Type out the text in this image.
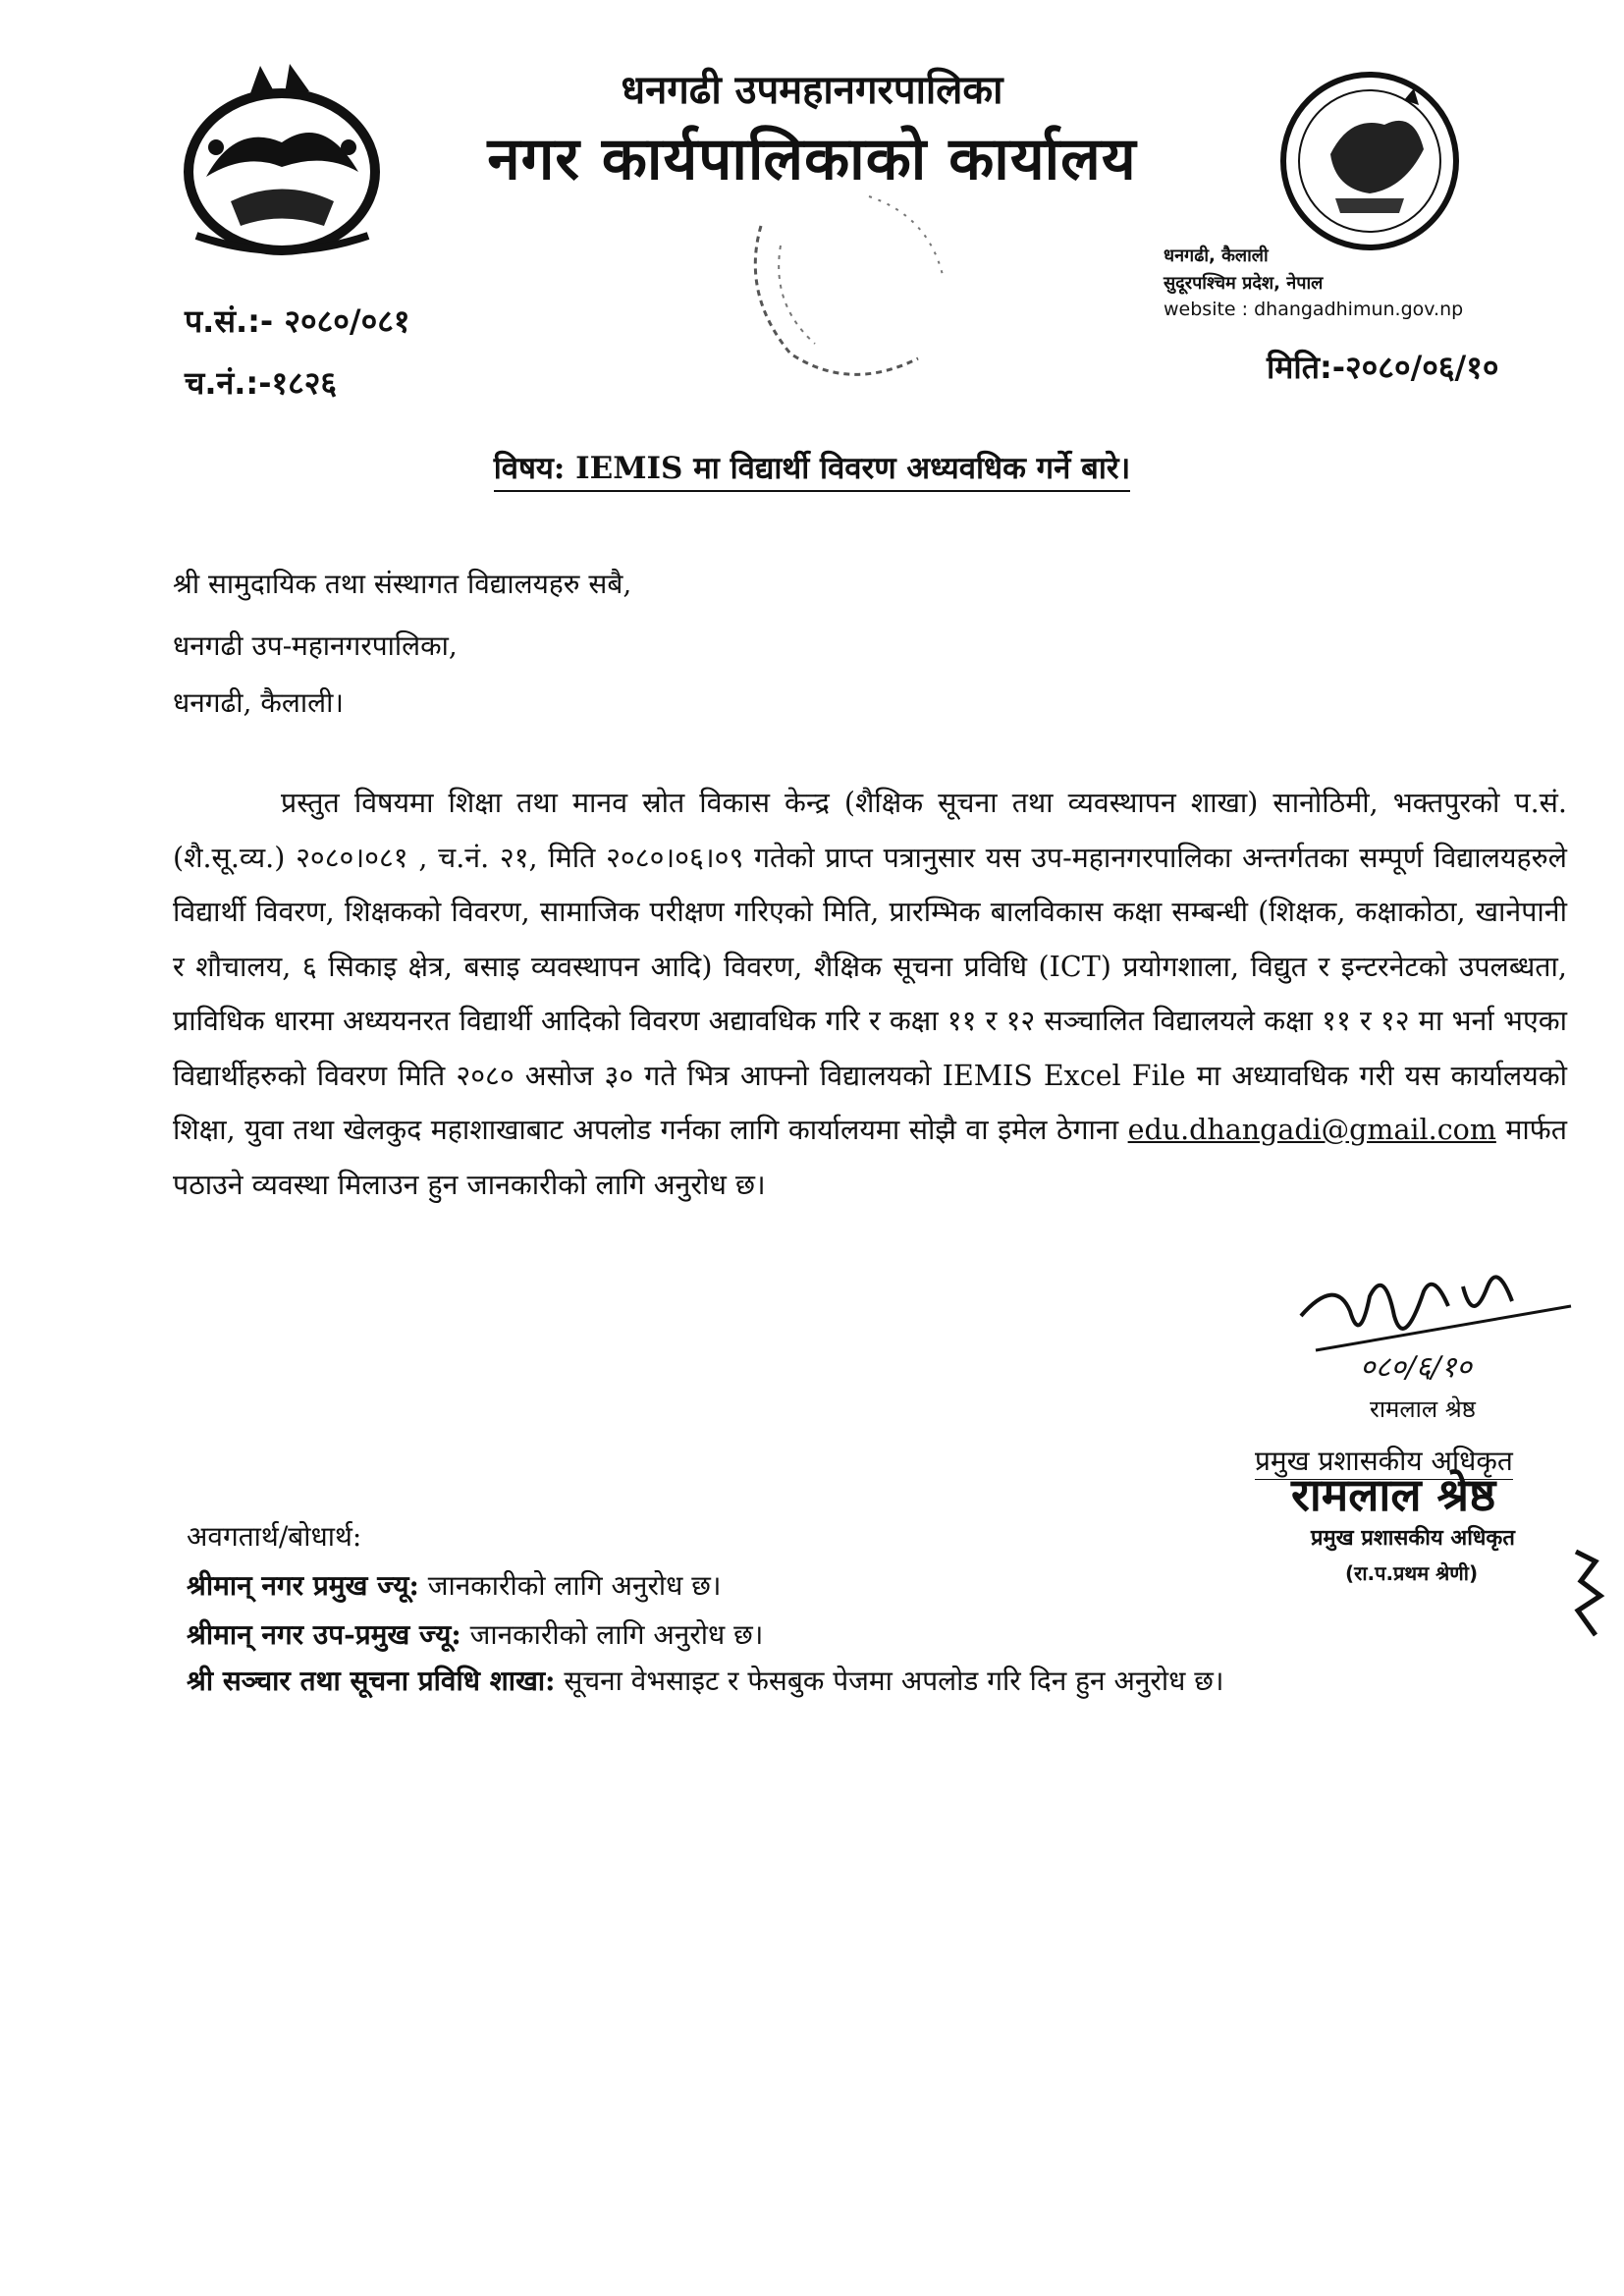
धनगढी उपमहानगरपालिका
नगर कार्यपालिकाको कार्यालय
धनगढी, कैलाली
सुदूरपश्चिम प्रदेश, नेपाल
website : dhangadhimun.gov.np
प.सं.:- २०८०/०८१
च.नं.:-१८२६	मिति:-२०८०/०६/१०
विषय: IEMIS मा विद्यार्थी विवरण अध्यवधिक गर्ने बारे।
श्री सामुदायिक तथा संस्थागत विद्यालयहरु सबै,
धनगढी उप-महानगरपालिका,
धनगढी, कैलाली।
प्रस्तुत विषयमा शिक्षा तथा मानव स्रोत विकास केन्द्र (शैक्षिक सूचना तथा व्यवस्थापन शाखा) सानोठिमी, भक्तपुरको प.सं. (शै.सू.व्य.) २०८०।०८१ , च.नं. २१, मिति २०८०।०६।०९ गतेको प्राप्त पत्रानुसार यस उप-महानगरपालिका अन्तर्गतका सम्पूर्ण विद्यालयहरुले विद्यार्थी विवरण, शिक्षकको विवरण, सामाजिक परीक्षण गरिएको मिति, प्रारम्भिक बालविकास कक्षा सम्बन्धी (शिक्षक, कक्षाकोठा, खानेपानी र शौचालय, ६ सिकाइ क्षेत्र, बसाइ व्यवस्थापन आदि) विवरण, शैक्षिक सूचना प्रविधि (ICT) प्रयोगशाला, विद्युत र इन्टरनेटको उपलब्धता, प्राविधिक धारमा अध्ययनरत विद्यार्थी आदिको विवरण अद्यावधिक गरि र कक्षा ११ र १२ सञ्चालित विद्यालयले कक्षा ११ र १२ मा भर्ना भएका विद्यार्थीहरुको विवरण मिति २०८० असोज ३० गते भित्र आफ्नो विद्यालयको IEMIS Excel File मा अध्यावधिक गरी यस कार्यालयको शिक्षा, युवा तथा खेलकुद महाशाखाबाट अपलोड गर्नका लागि कार्यालयमा सोझै वा इमेल ठेगाना edu.dhangadi@gmail.com मार्फत पठाउने व्यवस्था मिलाउन हुन जानकारीको लागि अनुरोध छ।
०८०/६/१०
रामलाल श्रेष्ठ
प्रमुख प्रशासकीय अधिकृत
रामलाल श्रेष्ठ
प्रमुख प्रशासकीय अधिकृत
(रा.प.प्रथम श्रेणी)
अवगतार्थ/बोधार्थ:
श्रीमान् नगर प्रमुख ज्यू: जानकारीको लागि अनुरोध छ।
श्रीमान् नगर उप-प्रमुख ज्यू: जानकारीको लागि अनुरोध छ।
श्री सञ्चार तथा सूचना प्रविधि शाखा: सूचना वेभसाइट र फेसबुक पेजमा अपलोड गरि दिन हुन अनुरोध छ।
